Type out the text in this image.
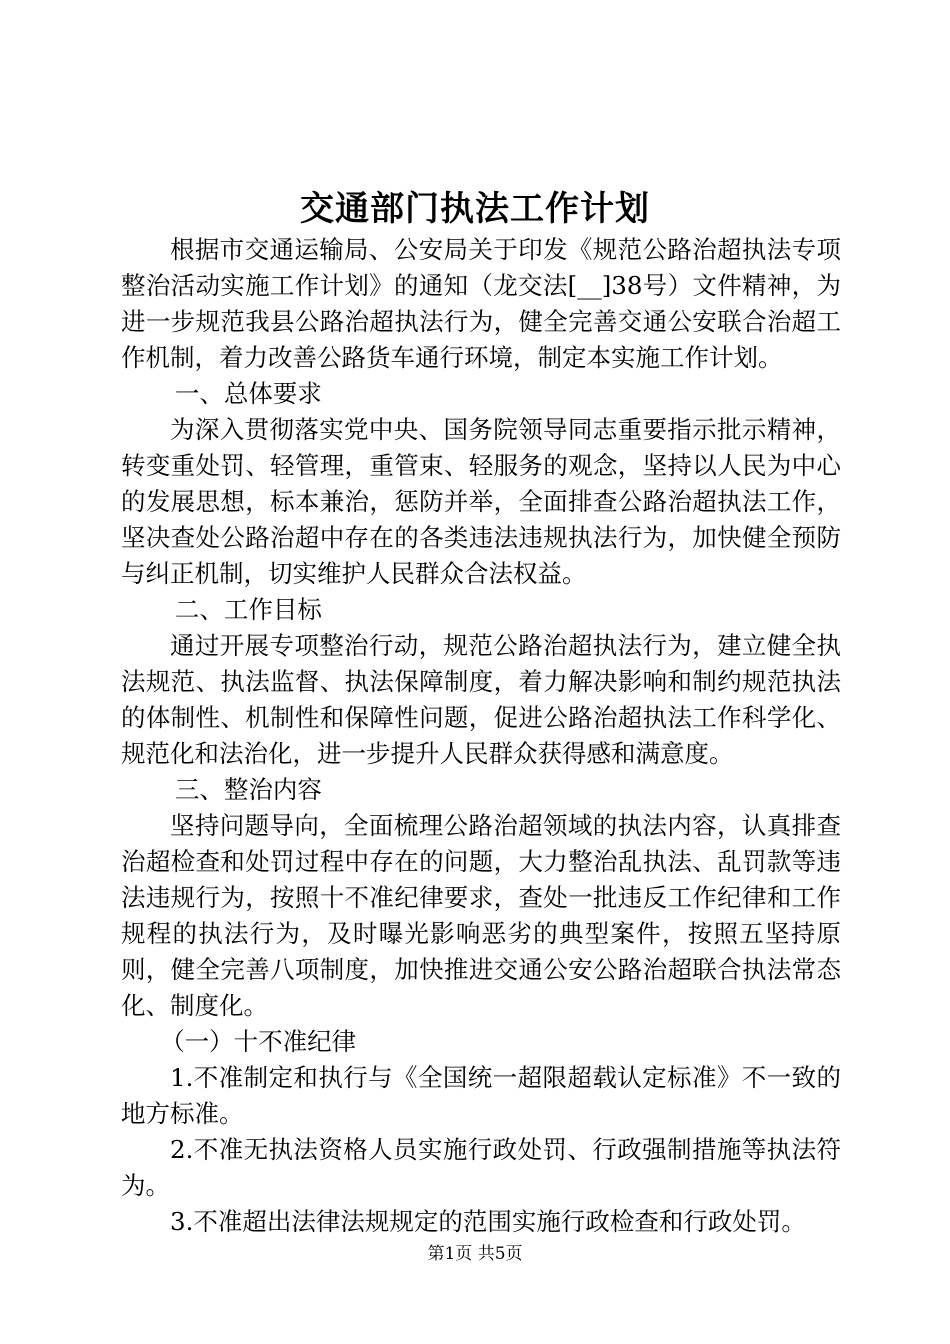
交通部门执法工作计划

根据市交通运输局、公安局关于印发《规范公路治超执法专项整治活动实施工作计划》的通知（龙交法[__]38号）文件精神，为进一步规范我县公路治超执法行为，健全完善交通公安联合治超工作机制，着力改善公路货车通行环境，制定本实施工作计划。

一、总体要求

为深入贯彻落实党中央、国务院领导同志重要指示批示精神，转变重处罚、轻管理，重管束、轻服务的观念，坚持以人民为中心的发展思想，标本兼治，惩防并举，全面排查公路治超执法工作，坚决查处公路治超中存在的各类违法违规执法行为，加快健全预防与纠正机制，切实维护人民群众合法权益。

二、工作目标

通过开展专项整治行动，规范公路治超执法行为，建立健全执法规范、执法监督、执法保障制度，着力解决影响和制约规范执法的体制性、机制性和保障性问题，促进公路治超执法工作科学化、规范化和法治化，进一步提升人民群众获得感和满意度。

三、整治内容

坚持问题导向，全面梳理公路治超领域的执法内容，认真排查治超检查和处罚过程中存在的问题，大力整治乱执法、乱罚款等违法违规行为，按照十不准纪律要求，查处一批违反工作纪律和工作规程的执法行为，及时曝光影响恶劣的典型案件，按照五坚持原则，健全完善八项制度，加快推进交通公安公路治超联合执法常态化、制度化。

（一）十不准纪律

1.不准制定和执行与《全国统一超限超载认定标准》不一致的地方标准。

2.不准无执法资格人员实施行政处罚、行政强制措施等执法符为。

3.不准超出法律法规规定的范围实施行政检查和行政处罚。

第1页 共5页
